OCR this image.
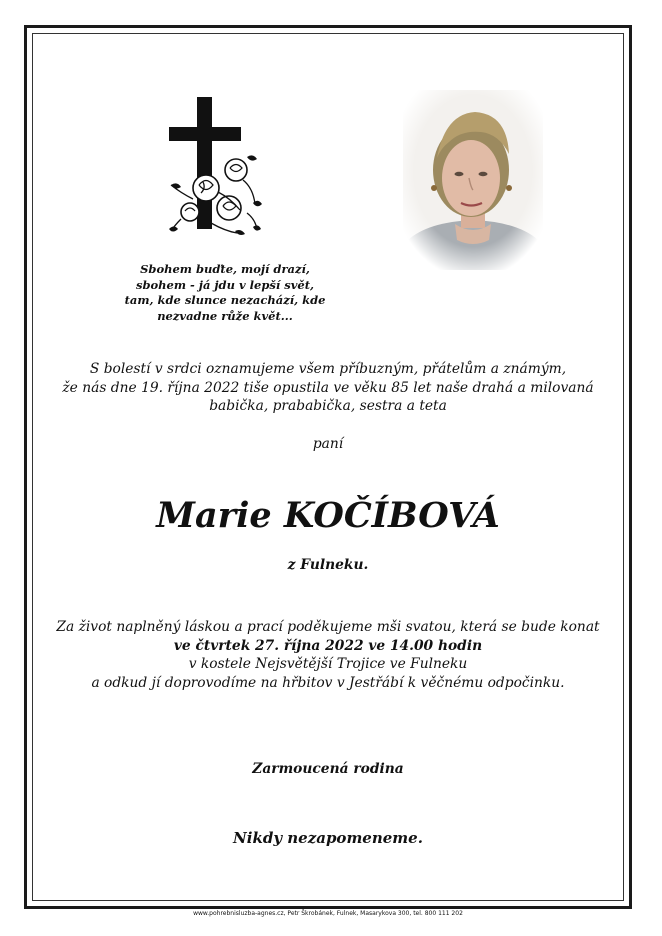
Sbohem buďte, mojí drazí,
sbohem - já jdu v lepší svět,
tam, kde slunce nezachází, kde
nezvadne růže květ...
S bolestí v srdci oznamujeme všem příbuzným, přátelům a známým,
že nás dne 19. října 2022 tiše opustila ve věku 85 let naše drahá a milovaná
babička, prababička, sestra a teta
paní
Marie KOČÍBOVÁ
z Fulneku.
Za život naplněný láskou a prací poděkujeme mši svatou, která se bude konat
ve čtvrtek 27. října 2022 ve 14.00 hodin
v kostele Nejsvětější Trojice ve Fulneku
a odkud jí doprovodíme na hřbitov v Jestřábí k věčnému odpočinku.
Zarmoucená rodina
Nikdy nezapomeneme.
www.pohrebnisluzba-agnes.cz, Petr Škrobánek, Fulnek, Masarykova 300, tel. 800 111 202
